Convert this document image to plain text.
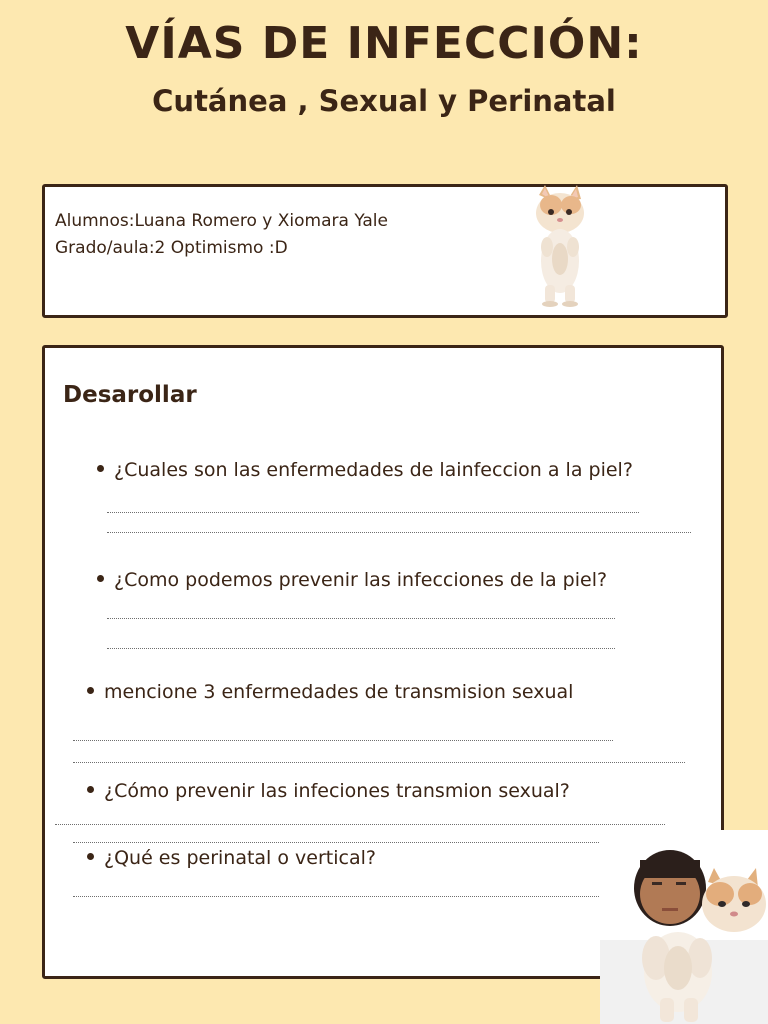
VÍAS DE INFECCIÓN:
Cutánea , Sexual y Perinatal
Alumnos:Luana Romero y Xiomara Yale
Grado/aula:2 Optimismo :D
Desarollar
¿Cuales son las enfermedades de lainfeccion a la piel?
¿Como podemos prevenir las infecciones de la piel?
mencione 3 enfermedades de transmision sexual
¿Cómo prevenir las infeciones transmion sexual?
¿Qué es perinatal o vertical?
